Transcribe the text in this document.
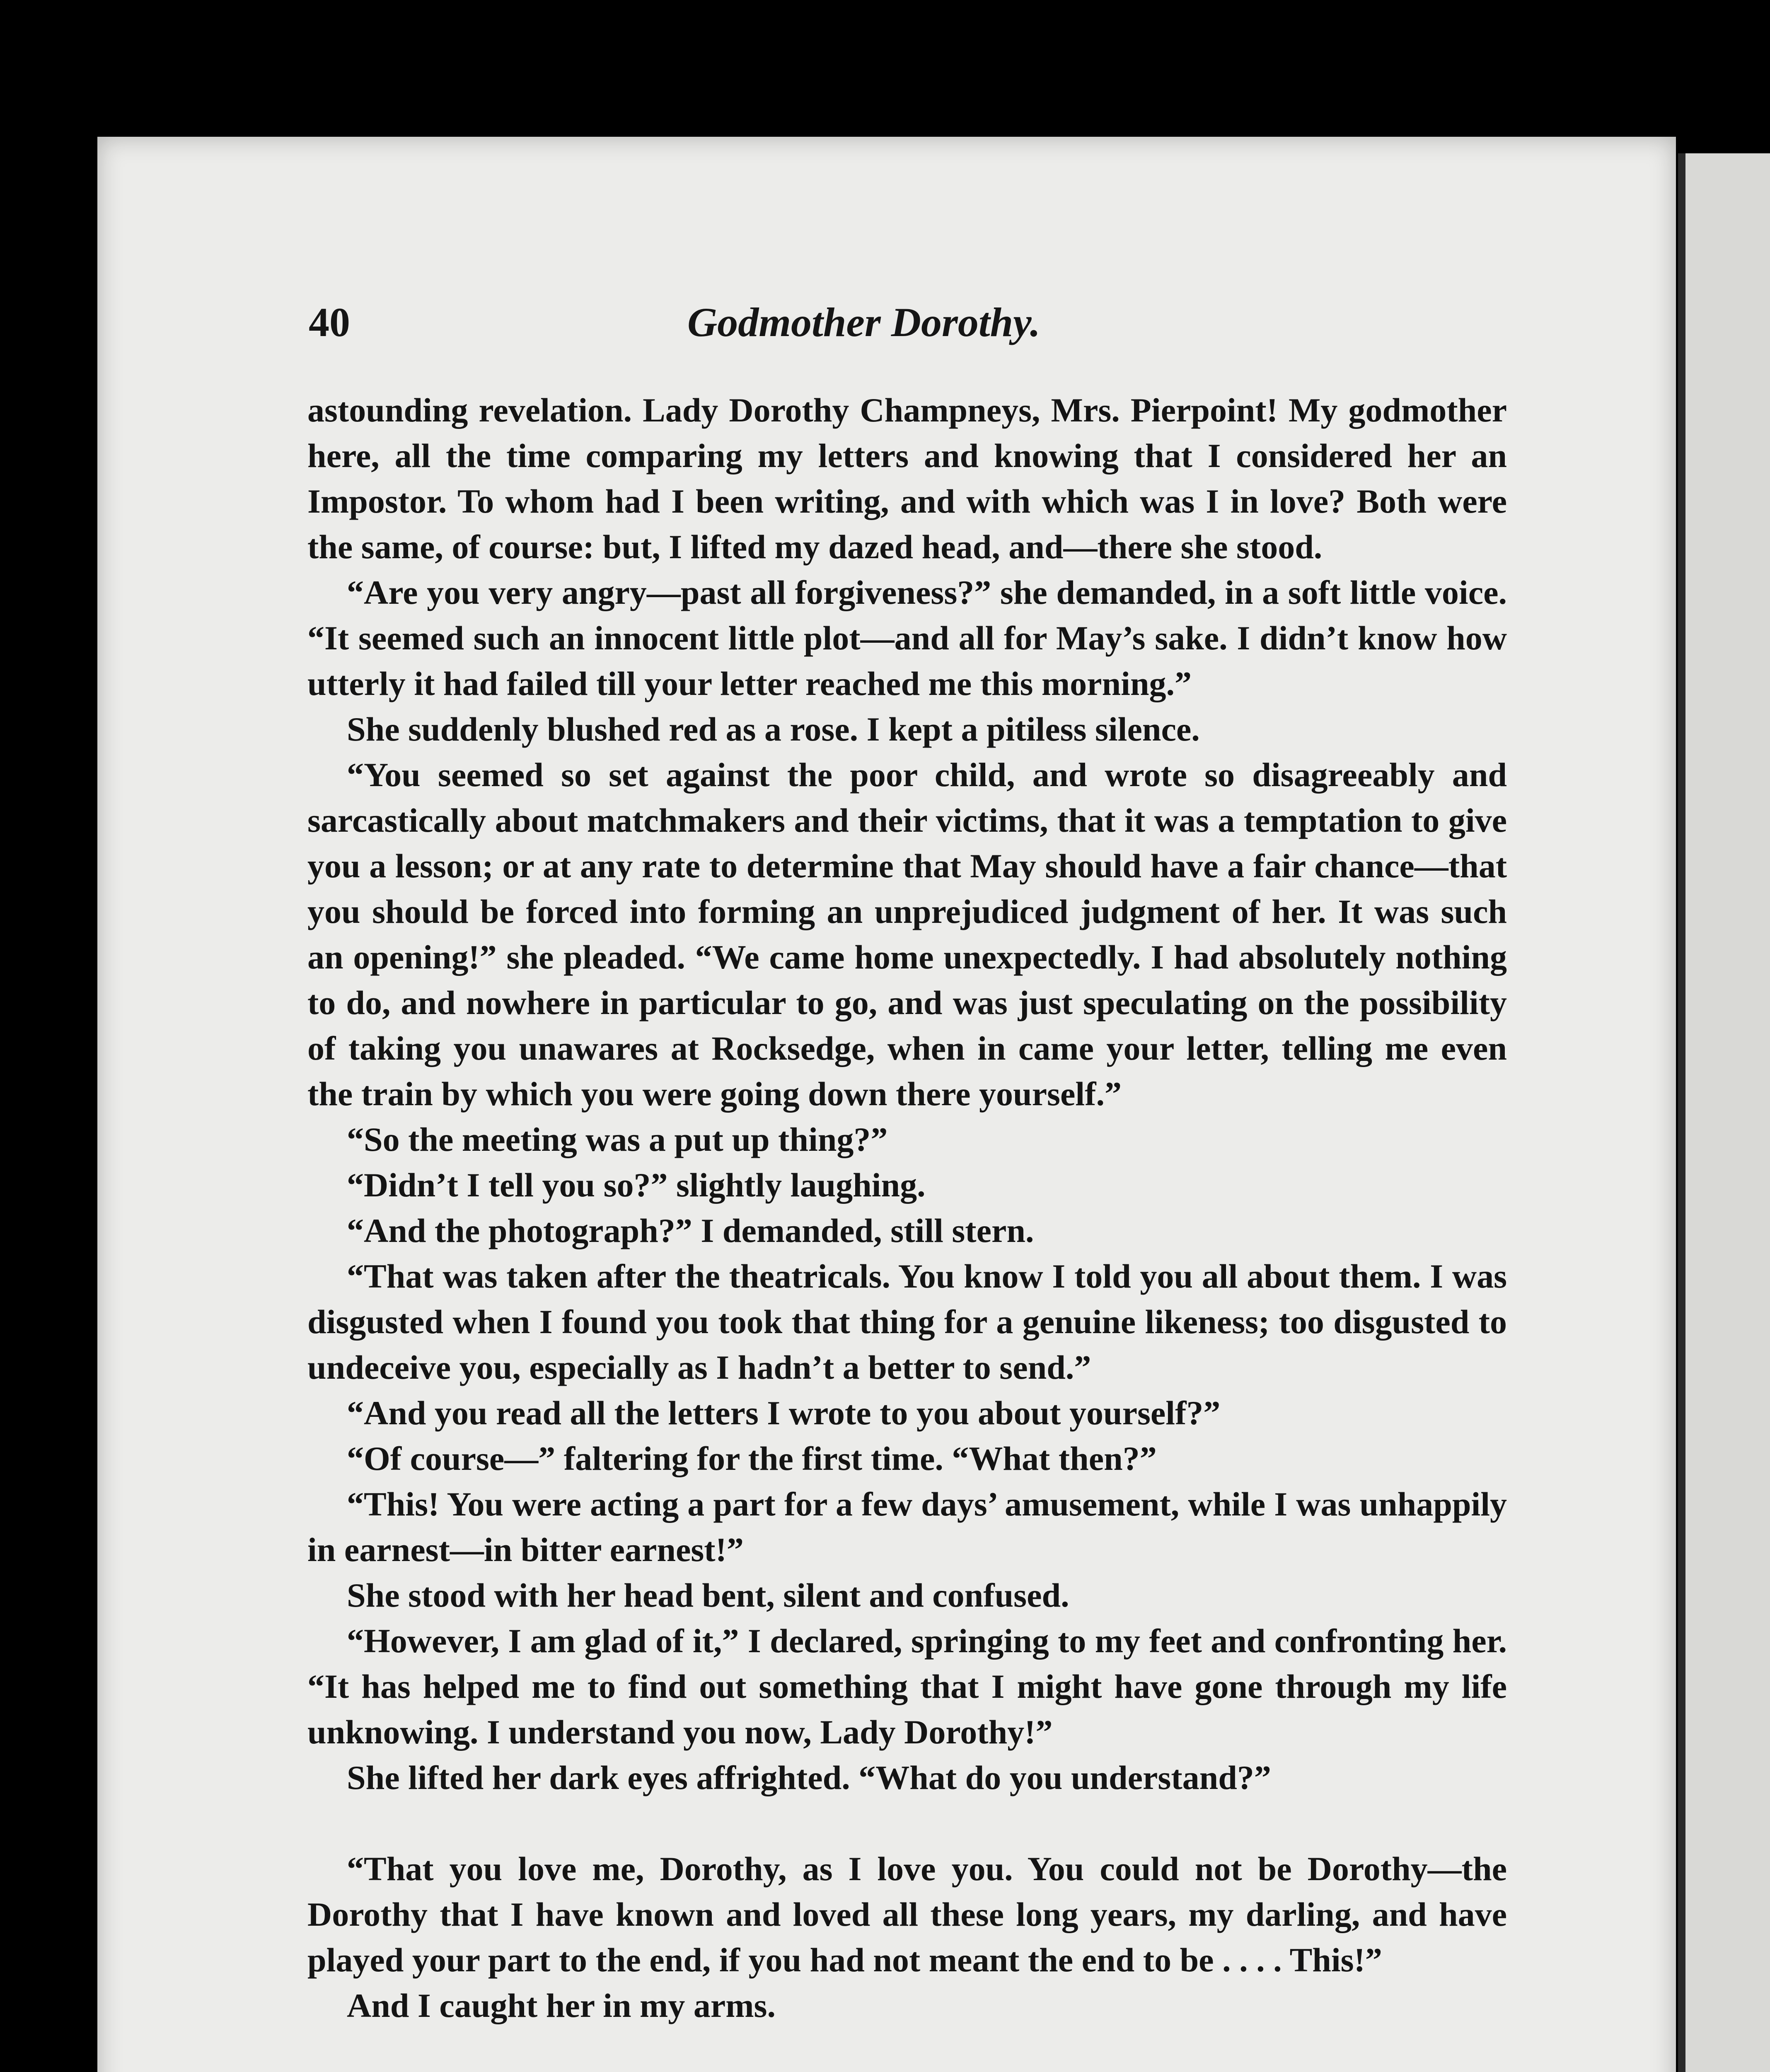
40	Godmother Dorothy.

astounding revelation. Lady Dorothy Champneys, Mrs. Pierpoint! My godmother here, all the time comparing my letters and knowing that I considered her an Impostor. To whom had I been writing, and with which was I in love? Both were the same, of course: but, I lifted my dazed head, and—there she stood.

“Are you very angry—past all forgiveness?” she demanded, in a soft little voice. “It seemed such an innocent little plot—and all for May’s sake. I didn’t know how utterly it had failed till your letter reached me this morning.”

She suddenly blushed red as a rose. I kept a pitiless silence.

“You seemed so set against the poor child, and wrote so disagreeably and sarcastically about matchmakers and their victims, that it was a temptation to give you a lesson; or at any rate to determine that May should have a fair chance—that you should be forced into forming an unprejudiced judgment of her. It was such an opening!” she pleaded. “We came home unexpectedly. I had absolutely nothing to do, and nowhere in particular to go, and was just speculating on the possibility of taking you unawares at Rocksedge, when in came your letter, telling me even the train by which you were going down there yourself.”

“So the meeting was a put up thing?”

“Didn’t I tell you so?” slightly laughing.

“And the photograph?” I demanded, still stern.

“That was taken after the theatricals. You know I told you all about them. I was disgusted when I found you took that thing for a genuine likeness; too disgusted to undeceive you, especially as I hadn’t a better to send.”

“And you read all the letters I wrote to you about yourself?”

“Of course—” faltering for the first time. “What then?”

“This! You were acting a part for a few days’ amusement, while I was unhappily in earnest—in bitter earnest!”

She stood with her head bent, silent and confused.

“However, I am glad of it,” I declared, springing to my feet and confronting her. “It has helped me to find out something that I might have gone through my life unknowing. I understand you now, Lady Dorothy!”

She lifted her dark eyes affrighted. “What do you understand?”

“That you love me, Dorothy, as I love you. You could not be Dorothy—the Dorothy that I have known and loved all these long years, my darling, and have played your part to the end, if you had not meant the end to be . . . . This!”

And I caught her in my arms.
